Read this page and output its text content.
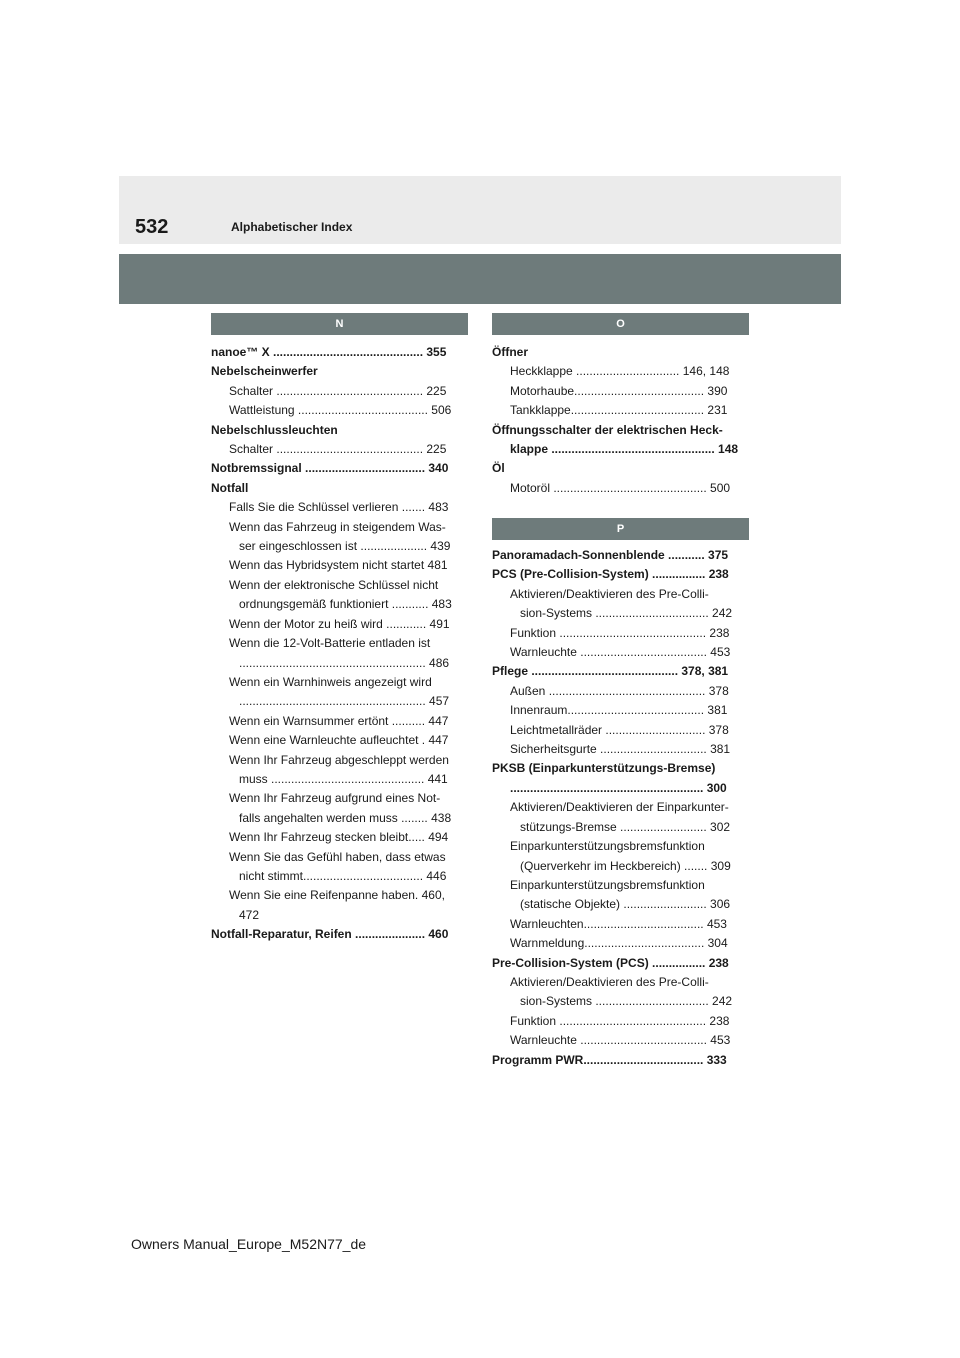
532	Alphabetischer Index
N
nanoe™ X ............................................. 355
Nebelscheinwerfer
Schalter ............................................ 225
Wattleistung ....................................... 506
Nebelschlussleuchten
Schalter ............................................ 225
Notbremssignal .................................... 340
Notfall
Falls Sie die Schlüssel verlieren ....... 483
Wenn das Fahrzeug in steigendem Was-
ser eingeschlossen ist .................... 439
Wenn das Hybridsystem nicht startet 481
Wenn der elektronische Schlüssel nicht
ordnungsgemäß funktioniert ........... 483
Wenn der Motor zu heiß wird ............ 491
Wenn die 12-Volt-Batterie entladen ist
........................................................ 486
Wenn ein Warnhinweis angezeigt wird
........................................................ 457
Wenn ein Warnsummer ertönt .......... 447
Wenn eine Warnleuchte aufleuchtet . 447
Wenn Ihr Fahrzeug abgeschleppt werden
muss .............................................. 441
Wenn Ihr Fahrzeug aufgrund eines Not-
falls angehalten werden muss ........ 438
Wenn Ihr Fahrzeug stecken bleibt..... 494
Wenn Sie das Gefühl haben, dass etwas
nicht stimmt.................................... 446
Wenn Sie eine Reifenpanne haben. 460,
472
Notfall-Reparatur, Reifen ..................... 460
O
Öffner
Heckklappe ............................... 146, 148
Motorhaube....................................... 390
Tankklappe........................................ 231
Öffnungsschalter der elektrischen Heck-
klappe ................................................. 148
Öl
Motoröl .............................................. 500
P
Panoramadach-Sonnenblende ........... 375
PCS (Pre-Collision-System) ................ 238
Aktivieren/Deaktivieren des Pre-Colli-
sion-Systems .................................. 242
Funktion ............................................ 238
Warnleuchte ...................................... 453
Pflege ............................................ 378, 381
Außen ............................................... 378
Innenraum......................................... 381
Leichtmetallräder .............................. 378
Sicherheitsgurte ................................ 381
PKSB (Einparkunterstützungs-Bremse)
.......................................................... 300
Aktivieren/Deaktivieren der Einparkunter-
stützungs-Bremse .......................... 302
Einparkunterstützungsbremsfunktion
(Querverkehr im Heckbereich) ....... 309
Einparkunterstützungsbremsfunktion
(statische Objekte) ......................... 306
Warnleuchten.................................... 453
Warnmeldung.................................... 304
Pre-Collision-System (PCS) ................ 238
Aktivieren/Deaktivieren des Pre-Colli-
sion-Systems .................................. 242
Funktion ............................................ 238
Warnleuchte ...................................... 453
Programm PWR.................................... 333
Owners Manual_Europe_M52N77_de
